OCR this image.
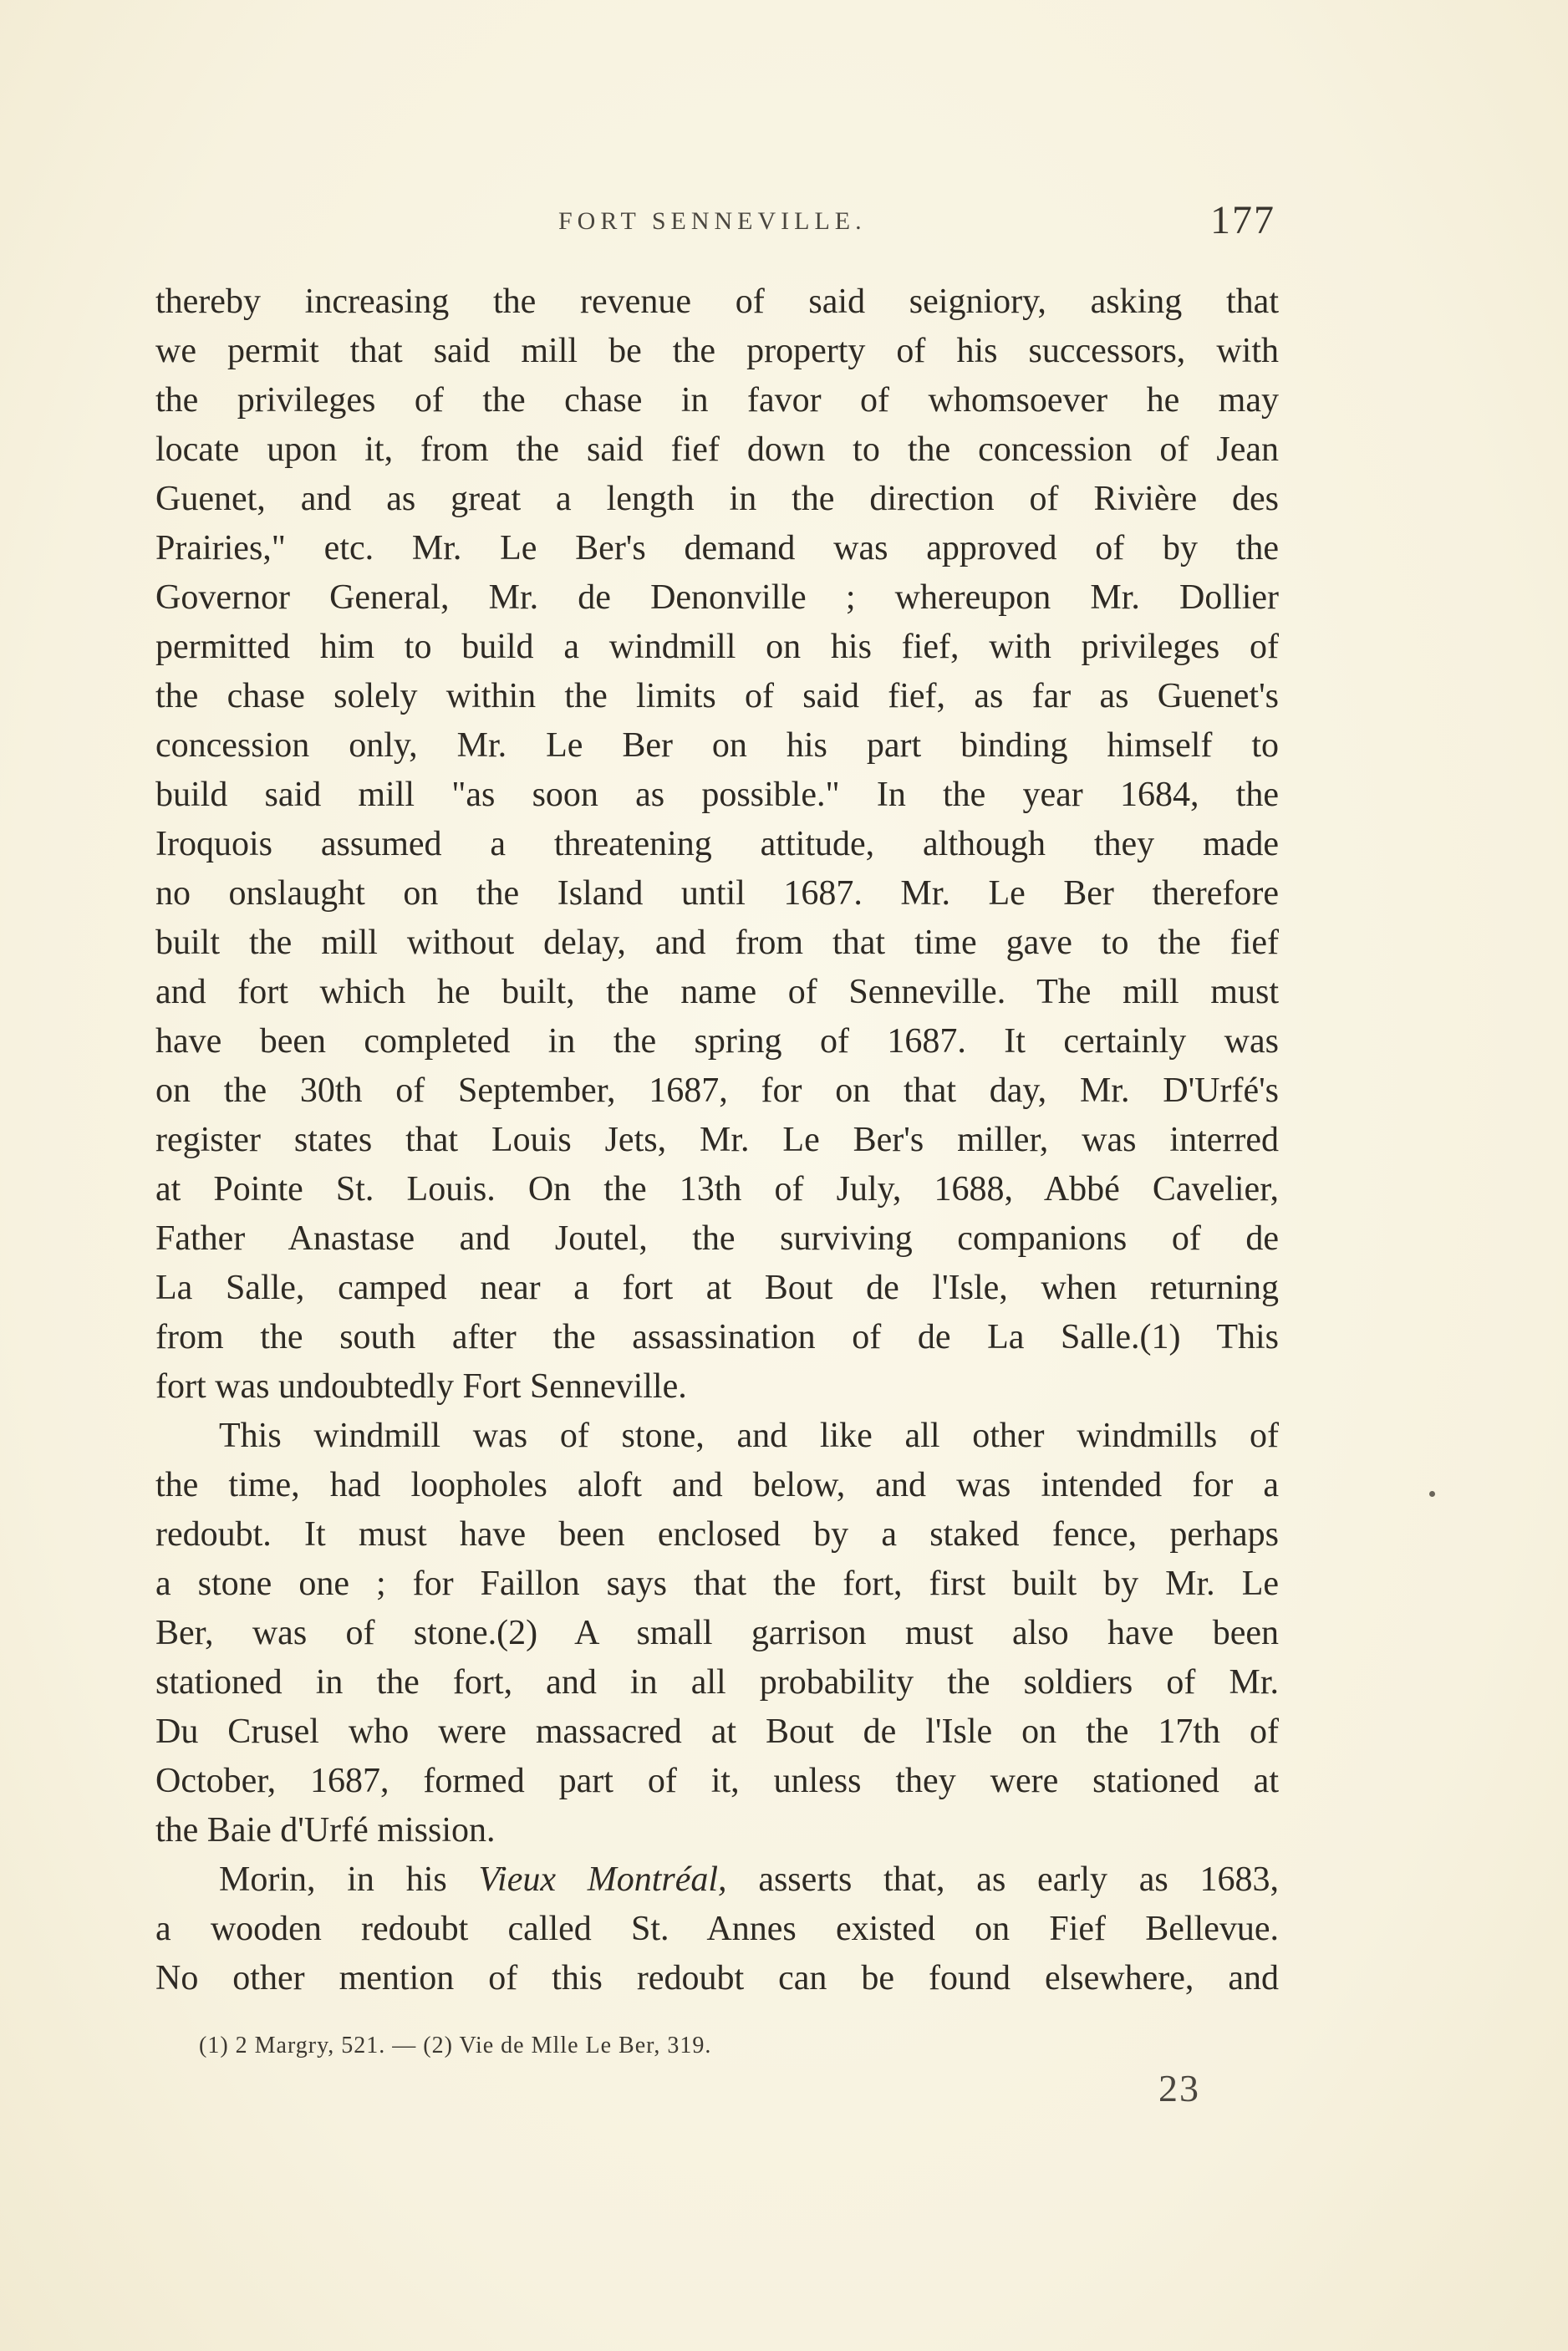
FORT SENNEVILLE.	177
thereby increasing the revenue of said seigniory, asking that
we permit that said mill be the property of his successors, with
the privileges of the chase in favor of whomsoever he may
locate upon it, from the said fief down to the concession of Jean
Guenet, and as great a length in the direction of Rivière des
Prairies," etc. Mr. Le Ber's demand was approved of by the
Governor General, Mr. de Denonville ; whereupon Mr. Dollier
permitted him to build a windmill on his fief, with privileges of
the chase solely within the limits of said fief, as far as Guenet's
concession only, Mr. Le Ber on his part binding himself to
build said mill "as soon as possible." In the year 1684, the
Iroquois assumed a threatening attitude, although they made
no onslaught on the Island until 1687. Mr. Le Ber therefore
built the mill without delay, and from that time gave to the fief
and fort which he built, the name of Senneville. The mill must
have been completed in the spring of 1687. It certainly was
on the 30th of September, 1687, for on that day, Mr. D'Urfé's
register states that Louis Jets, Mr. Le Ber's miller, was interred
at Pointe St. Louis. On the 13th of July, 1688, Abbé Cavelier,
Father Anastase and Joutel, the surviving companions of de
La Salle, camped near a fort at Bout de l'Isle, when returning
from the south after the assassination of de La Salle.(1) This
fort was undoubtedly Fort Senneville.
This windmill was of stone, and like all other windmills of
the time, had loopholes aloft and below, and was intended for a
redoubt. It must have been enclosed by a staked fence, perhaps
a stone one ; for Faillon says that the fort, first built by Mr. Le
Ber, was of stone.(2) A small garrison must also have been
stationed in the fort, and in all probability the soldiers of Mr.
Du Crusel who were massacred at Bout de l'Isle on the 17th of
October, 1687, formed part of it, unless they were stationed at
the Baie d'Urfé mission.
Morin, in his Vieux Montréal, asserts that, as early as 1683,
a wooden redoubt called St. Annes existed on Fief Bellevue.
No other mention of this redoubt can be found elsewhere, and
(1) 2 Margry, 521. — (2) Vie de Mlle Le Ber, 319.
23
